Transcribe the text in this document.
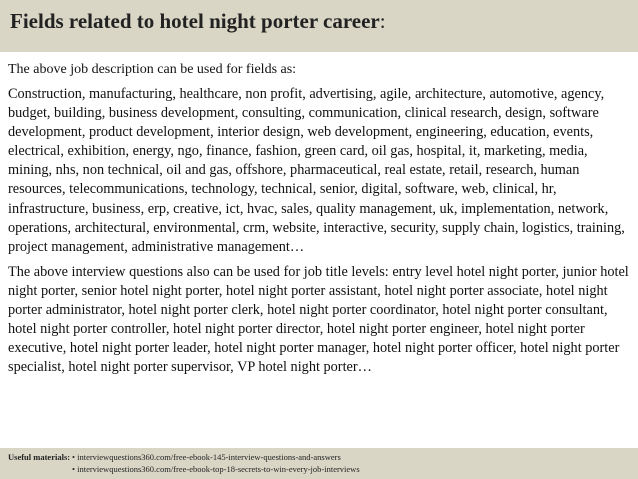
Fields related to hotel night porter career:

The above job description can be used for fields as:

Construction, manufacturing, healthcare, non profit, advertising, agile, architecture, automotive, agency, budget, building, business development, consulting, communication, clinical research, design, software development, product development, interior design, web development, engineering, education, events, electrical, exhibition, energy, ngo, finance, fashion, green card, oil gas, hospital, it, marketing, media, mining, nhs, non technical, oil and gas, offshore, pharmaceutical, real estate, retail, research, human resources, telecommunications, technology, technical, senior, digital, software, web, clinical, hr, infrastructure, business, erp, creative, ict, hvac, sales, quality management, uk, implementation, network, operations, architectural, environmental, crm, website, interactive, security, supply chain, logistics, training, project management, administrative management…

The above interview questions also can be used for job title levels: entry level hotel night porter, junior hotel night porter, senior hotel night porter, hotel night porter assistant, hotel night porter associate, hotel night porter administrator, hotel night porter clerk, hotel night porter coordinator, hotel night porter consultant, hotel night porter controller, hotel night porter director, hotel night porter engineer, hotel night porter executive, hotel night porter leader, hotel night porter manager, hotel night porter officer, hotel night porter specialist, hotel night porter supervisor, VP hotel night porter…

Useful materials: • interviewquestions360.com/free-ebook-145-interview-questions-and-answers
• interviewquestions360.com/free-ebook-top-18-secrets-to-win-every-job-interviews
